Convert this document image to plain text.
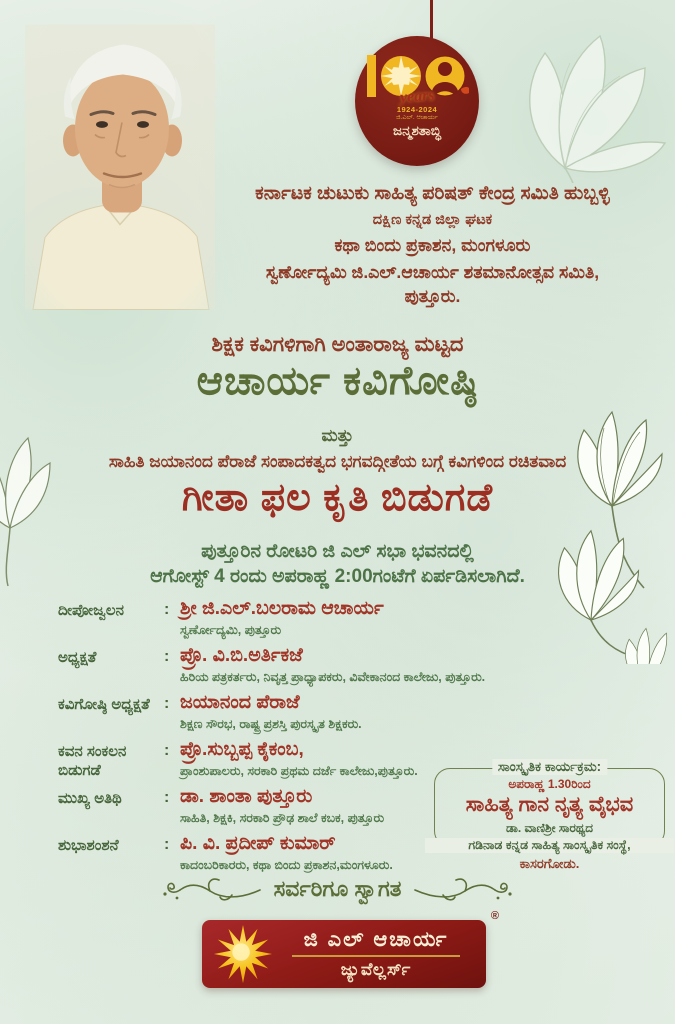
years
1924-2024
ಜಿ.ಎಲ್. ಆಚಾರ್ಯ
ಜನ್ಮಶತಾಬ್ಧಿ
ಕರ್ನಾಟಕ ಚುಟುಕು ಸಾಹಿತ್ಯ ಪರಿಷತ್ ಕೇಂದ್ರ ಸಮಿತಿ ಹುಬ್ಬಳ್ಳಿ
ದಕ್ಷಿಣ ಕನ್ನಡ ಜಿಲ್ಲಾ ಘಟಕ
ಕಥಾ ಬಿಂದು ಪ್ರಕಾಶನ, ಮಂಗಳೂರು
ಸ್ವರ್ಣೋದ್ಯಮಿ ಜಿ.ಎಲ್.ಆಚಾರ್ಯ ಶತಮಾನೋತ್ಸವ ಸಮಿತಿ,
ಪುತ್ತೂರು.
ಶಿಕ್ಷಕ ಕವಿಗಳಿಗಾಗಿ ಅಂತಾರಾಜ್ಯ ಮಟ್ಟದ
ಆಚಾರ್ಯ ಕವಿಗೋಷ್ಠಿ
ಮತ್ತು
ಸಾಹಿತಿ ಜಯಾನಂದ ಪೆರಾಜೆ ಸಂಪಾದಕತ್ವದ ಭಗವದ್ಗೀತೆಯ ಬಗ್ಗೆ ಕವಿಗಳಿಂದ ರಚಿತವಾದ
ಗೀತಾ ಫಲ ಕೃತಿ ಬಿಡುಗಡೆ
ಪುತ್ತೂರಿನ ರೋಟರಿ ಜಿ ಎಲ್ ಸಭಾ ಭವನದಲ್ಲಿ
ಆಗೋಸ್ಟ್ 4 ರಂದು ಅಪರಾಹ್ಣ 2:00ಗಂಟೆಗೆ ಏರ್ಪಡಿಸಲಾಗಿದೆ.
ದೀಪೋಜ್ವಲನ	: ಶ್ರೀ ಜಿ.ಎಲ್.ಬಲರಾಮ ಆಚಾರ್ಯ
ಸ್ವರ್ಣೋದ್ಯಮಿ, ಪುತ್ತೂರು
ಅಧ್ಯಕ್ಷತೆ	: ಪ್ರೊ. ವಿ.ಬಿ.ಅರ್ತಿಕಜೆ
ಹಿರಿಯ ಪತ್ರಕರ್ತರು, ನಿವೃತ್ತ ಪ್ರಾಧ್ಯಾಪಕರು, ವಿವೇಕಾನಂದ ಕಾಲೇಜು, ಪುತ್ತೂರು.
ಕವಿಗೋಷ್ಠಿ ಅಧ್ಯಕ್ಷತೆ : ಜಯಾನಂದ ಪೆರಾಜೆ
ಶಿಕ್ಷಣ ಸೌರಭ, ರಾಷ್ಟ್ರ ಪ್ರಶಸ್ತಿ ಪುರಸ್ಕೃತ ಶಿಕ್ಷಕರು.
ಕವನ ಸಂಕಲನ ಬಿಡುಗಡೆ
: ಪ್ರೊ.ಸುಬ್ಬಪ್ಪ ಕೈಕಂಬ,
ಪ್ರಾಂಶುಪಾಲರು, ಸರಕಾರಿ ಪ್ರಥಮ ದರ್ಜೆ ಕಾಲೇಜು,ಪುತ್ತೂರು.
ಮುಖ್ಯ ಅತಿಥಿ	: ಡಾ. ಶಾಂತಾ ಪುತ್ತೂರು
ಸಾಹಿತಿ, ಶಿಕ್ಷಕಿ, ಸರಕಾರಿ ಪ್ರೌಢ ಶಾಲೆ ಕಬಕ, ಪುತ್ತೂರು
ಶುಭಾಶಂಶನೆ	: ಪಿ. ವಿ. ಪ್ರದೀಪ್ ಕುಮಾರ್
ಕಾದಂಬರಿಕಾರರು, ಕಥಾ ಬಿಂದು ಪ್ರಕಾಶನ,ಮಂಗಳೂರು.
ಸಾಂಸ್ಕೃತಿಕ ಕಾರ್ಯಕ್ರಮ:
ಅಪರಾಹ್ಣ 1.30ರಿಂದ
ಸಾಹಿತ್ಯ ಗಾನ ನೃತ್ಯ ವೈಭವ
ಡಾ. ವಾಣಿಶ್ರೀ ಸಾರಥ್ಯದ
ಗಡಿನಾಡ ಕನ್ನಡ ಸಾಹಿತ್ಯ ಸಾಂಸ್ಕೃತಿಕ ಸಂಸ್ಥೆ,
ಕಾಸರಗೋಡು.
ಸರ್ವರಿಗೂ ಸ್ವಾಗತ
®
ಜಿ ಎಲ್ ಆಚಾರ್ಯ
ಜ್ಯುವೆಲ್ಲರ್ಸ್
